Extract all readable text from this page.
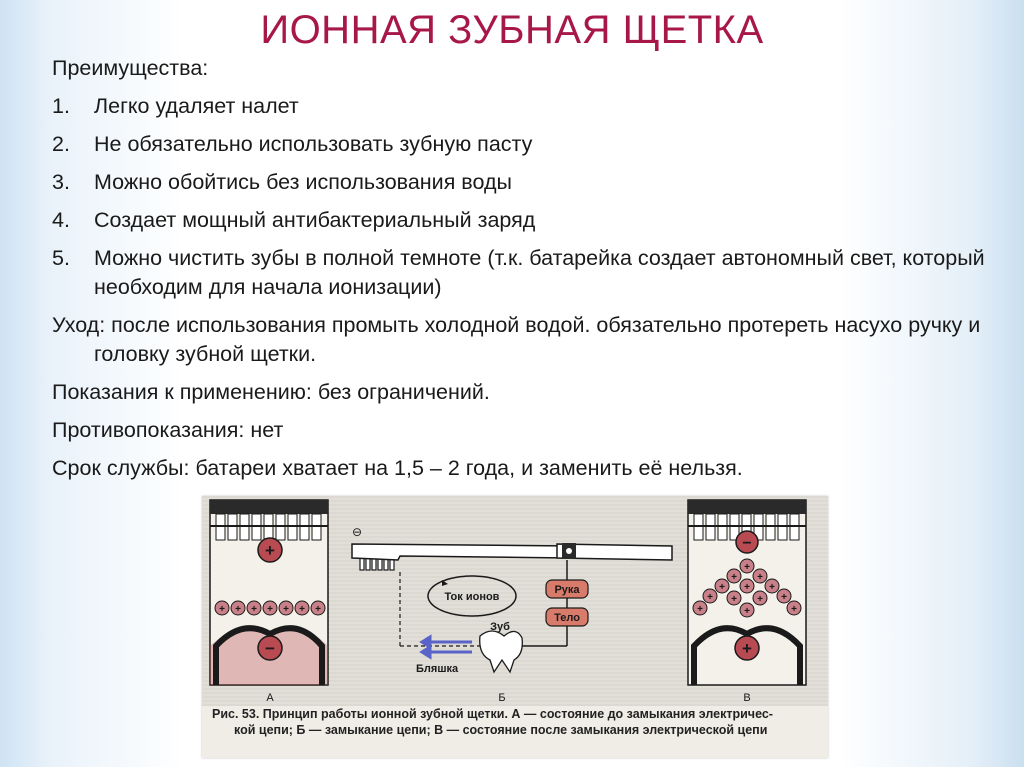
ИОННАЯ ЗУБНАЯ ЩЕТКА

Преимущества:

1.	Легко удаляет налет
2.	Не обязательно использовать зубную пасту
3.	Можно обойтись без использования воды
4.	Создает мощный антибактериальный заряд
5.	Можно чистить зубы в полной темноте (т.к. батарейка создает автономный свет, который необходим для начала ионизации)

Уход: после использования промыть холодной водой. обязательно протереть насухо ручку и головку зубной щетки.

Показания к применению: без ограничений.

Противопоказания: нет

Срок службы: батареи хватает на 1,5 – 2 года, и заменить её нельзя.

+
+ + + + + + +
−
А
⊖
Ток ионов
Рука
Тело
Бляшка
Зуб
Б
−
+
+ +
+ + +
+ + + +
+	+	+
+
В
Рис. 53. Принцип работы ионной зубной щетки. А — состояние до замыкания электричес-
кой цепи; Б — замыкание цепи; В — состояние после замыкания электрической цепи
